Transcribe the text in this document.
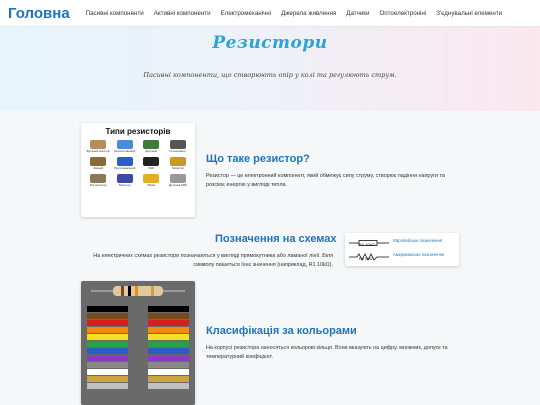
Головна	Пасивні компоненти Активні компоненти Електромеханічні Джерела живлення Датчики Оптоелектроніні З'єднувальні елементи
Резистори

Пасивні компоненти, що створюють опір у колі та регулюють струм.

Типи резисторів
Вугільний резистор Металоплівковий	Дротяний	Потенціометр
Змінний	Підстроювальний	SMD	Термістор
Фоторезистор	Варистор	Збірка	Дротяний SMD
Що таке резистор?
Резистор — це електронний компонент, який обмежує силу струму, створює падіння напруги та розсіює енергію у вигляді тепла.
Позначення на схемах
На електричних схемах резистори позначаються у вигляді прямокутника або ламаної лінії. Біля символу пишеться їхнє значення (наприклад, R1 10kΩ).
R1 10kΩ
Європейське позначення
R2 5kΩ
Американське позначення
Класифікація за кольорами
На корпусі резистора наносяться кольорові кільця. Вони вказують на цифру, множник, допуск та температурний коефіцієнт.
